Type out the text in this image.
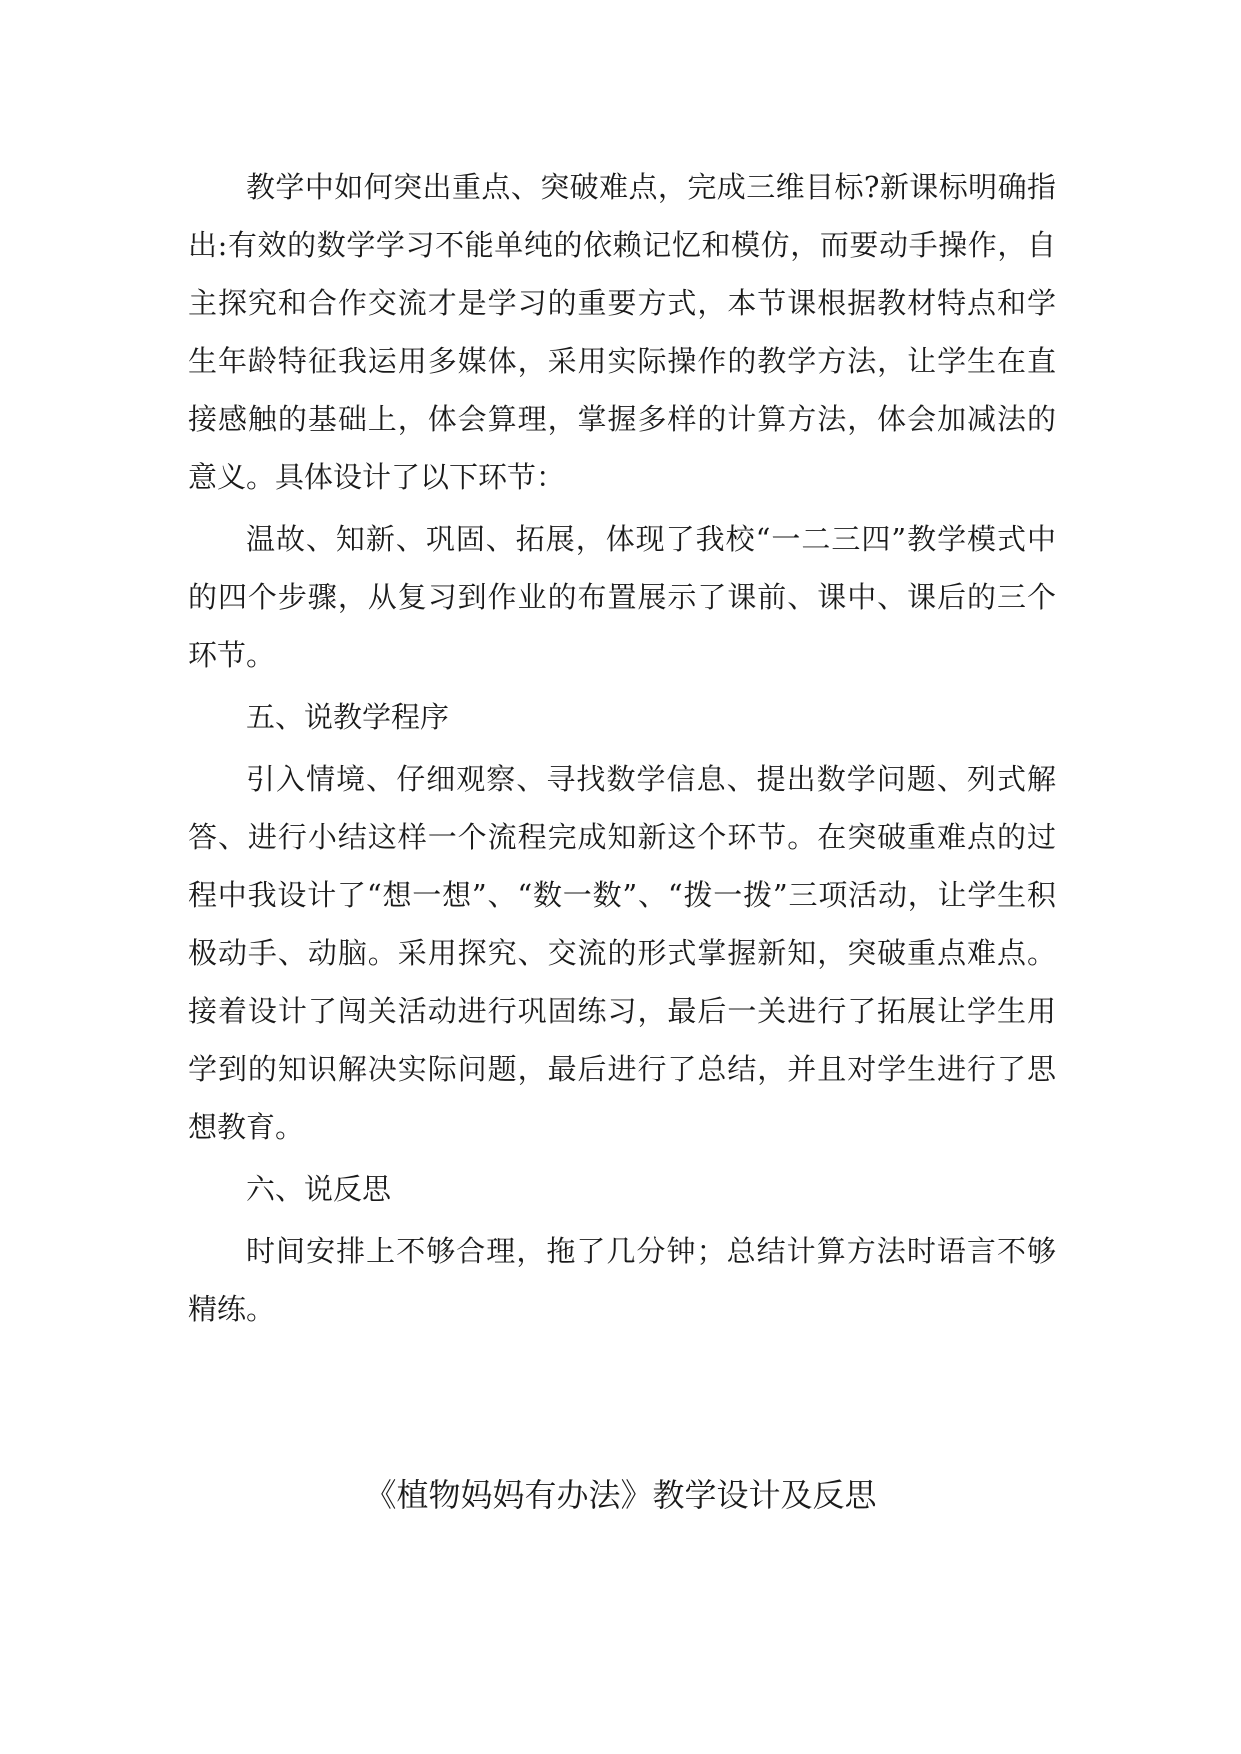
教学中如何突出重点、突破难点，完成三维目标?新课标明确指出:有效的数学学习不能单纯的依赖记忆和模仿，而要动手操作，自主探究和合作交流才是学习的重要方式，本节课根据教材特点和学生年龄特征我运用多媒体，采用实际操作的教学方法，让学生在直接感触的基础上，体会算理，掌握多样的计算方法，体会加减法的意义。具体设计了以下环节：

温故、知新、巩固、拓展，体现了我校“一二三四”教学模式中的四个步骤，从复习到作业的布置展示了课前、课中、课后的三个环节。

五、说教学程序

引入情境、仔细观察、寻找数学信息、提出数学问题、列式解答、进行小结这样一个流程完成知新这个环节。在突破重难点的过程中我设计了“想一想”、“数一数”、“拨一拨”三项活动，让学生积极动手、动脑。采用探究、交流的形式掌握新知，突破重点难点。接着设计了闯关活动进行巩固练习，最后一关进行了拓展让学生用学到的知识解决实际问题，最后进行了总结，并且对学生进行了思想教育。

六、说反思

时间安排上不够合理，拖了几分钟；总结计算方法时语言不够精练。

《植物妈妈有办法》教学设计及反思
